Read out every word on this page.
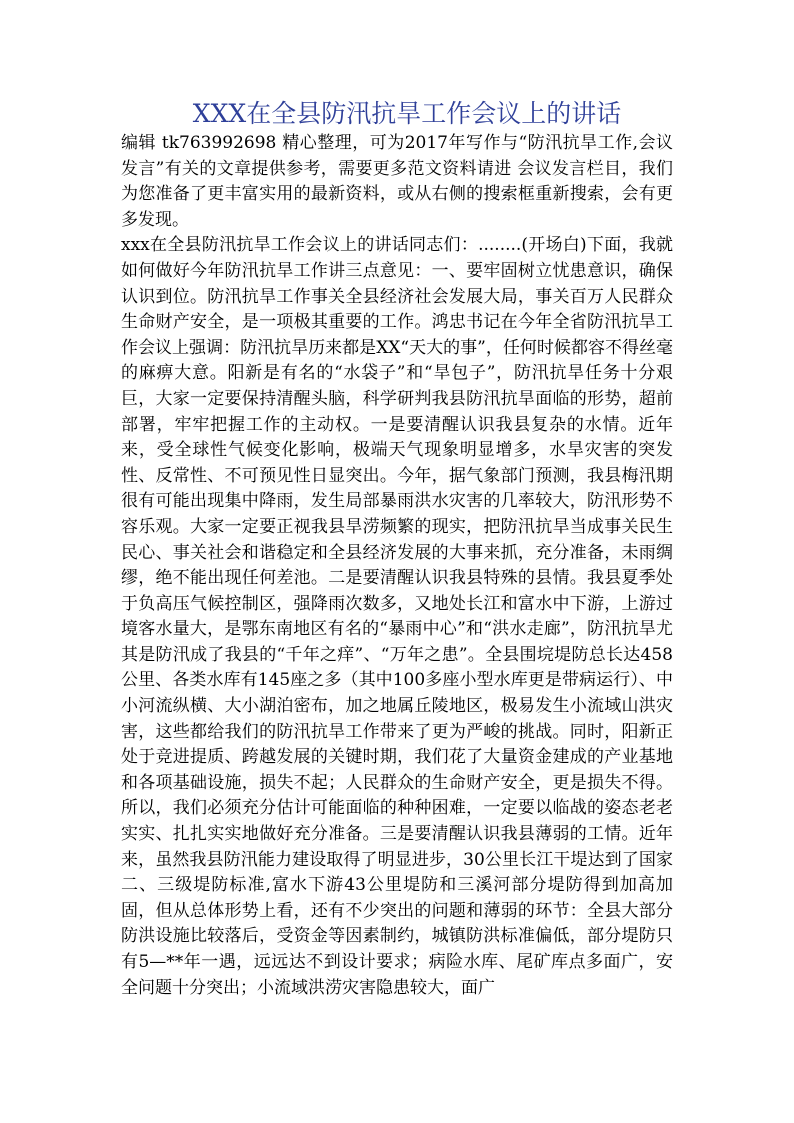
XXX在全县防汛抗旱工作会议上的讲话

编辑 tk763992698 精心整理，可为2017年写作与“防汛抗旱工作,会议发言”有关的文章提供参考，需要更多范文资料请进 会议发言栏目，我们为您准备了更丰富实用的最新资料，或从右侧的搜索框重新搜索，会有更多发现。

xxx在全县防汛抗旱工作会议上的讲话同志们：........(开场白)下面，我就如何做好今年防汛抗旱工作讲三点意见：一、要牢固树立忧患意识，确保认识到位。防汛抗旱工作事关全县经济社会发展大局，事关百万人民群众生命财产安全，是一项极其重要的工作。鸿忠书记在今年全省防汛抗旱工作会议上强调：防汛抗旱历来都是XX“天大的事”，任何时候都容不得丝毫的麻痹大意。阳新是有名的“水袋子”和“旱包子”，防汛抗旱任务十分艰巨，大家一定要保持清醒头脑，科学研判我县防汛抗旱面临的形势，超前部署，牢牢把握工作的主动权。一是要清醒认识我县复杂的水情。近年来，受全球性气候变化影响，极端天气现象明显增多，水旱灾害的突发性、反常性、不可预见性日显突出。今年，据气象部门预测，我县梅汛期很有可能出现集中降雨，发生局部暴雨洪水灾害的几率较大，防汛形势不容乐观。大家一定要正视我县旱涝频繁的现实，把防汛抗旱当成事关民生民心、事关社会和谐稳定和全县经济发展的大事来抓，充分准备，未雨绸缪，绝不能出现任何差池。二是要清醒认识我县特殊的县情。我县夏季处于负高压气候控制区，强降雨次数多，又地处长江和富水中下游，上游过境客水量大，是鄂东南地区有名的“暴雨中心”和“洪水走廊”，防汛抗旱尤其是防汛成了我县的“千年之痒”、“万年之患”。全县围垸堤防总长达458公里、各类水库有145座之多（其中100多座小型水库更是带病运行）、中小河流纵横、大小湖泊密布，加之地属丘陵地区，极易发生小流域山洪灾害，这些都给我们的防汛抗旱工作带来了更为严峻的挑战。同时，阳新正处于竞进提质、跨越发展的关键时期，我们花了大量资金建成的产业基地和各项基础设施，损失不起；人民群众的生命财产安全，更是损失不得。所以，我们必须充分估计可能面临的种种困难，一定要以临战的姿态老老实实、扎扎实实地做好充分准备。三是要清醒认识我县薄弱的工情。近年来，虽然我县防汛能力建设取得了明显进步，30公里长江干堤达到了国家二、三级堤防标准,富水下游43公里堤防和三溪河部分堤防得到加高加固，但从总体形势上看，还有不少突出的问题和薄弱的环节：全县大部分防洪设施比较落后，受资金等因素制约，城镇防洪标准偏低，部分堤防只有5—**年一遇，远远达不到设计要求；病险水库、尾矿库点多面广，安全问题十分突出；小流域洪涝灾害隐患较大，面广
